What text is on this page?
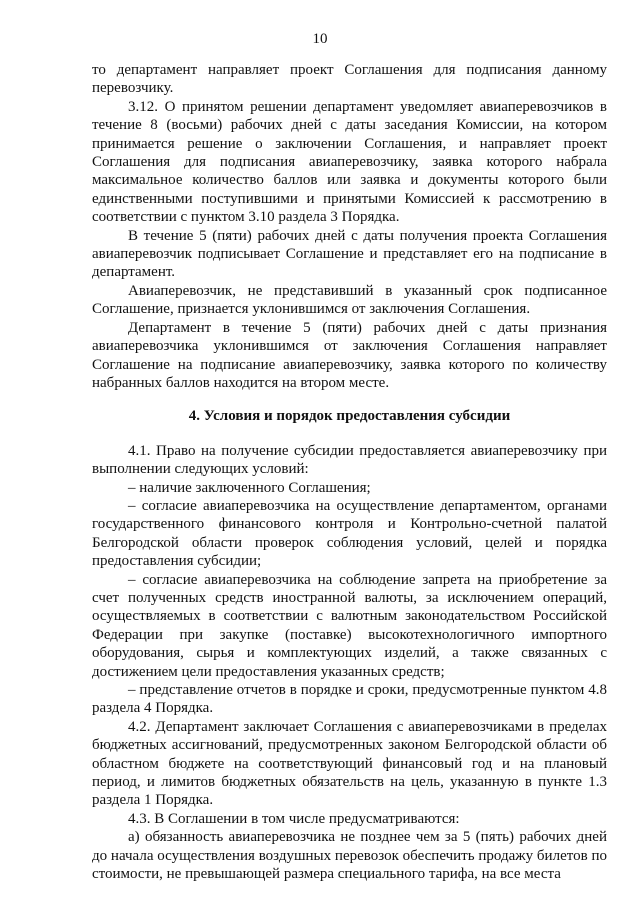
10

то департамент направляет проект Соглашения для подписания данному перевозчику.

3.12. О принятом решении департамент уведомляет авиаперевозчиков в течение 8 (восьми) рабочих дней с даты заседания Комиссии, на котором принимается решение о заключении Соглашения, и направляет проект Соглашения для подписания авиаперевозчику, заявка которого набрала максимальное количество баллов или заявка и документы которого были единственными поступившими и принятыми Комиссией к рассмотрению в соответствии с пунктом 3.10 раздела 3 Порядка.

В течение 5 (пяти) рабочих дней с даты получения проекта Соглашения авиаперевозчик подписывает Соглашение и представляет его на подписание в департамент.

Авиаперевозчик, не представивший в указанный срок подписанное Соглашение, признается уклонившимся от заключения Соглашения.

Департамент в течение 5 (пяти) рабочих дней с даты признания авиаперевозчика уклонившимся от заключения Соглашения направляет Соглашение на подписание авиаперевозчику, заявка которого по количеству набранных баллов находится на втором месте.

4. Условия и порядок предоставления субсидии

4.1. Право на получение субсидии предоставляется авиаперевозчику при выполнении следующих условий:

– наличие заключенного Соглашения;

– согласие авиаперевозчика на осуществление департаментом, органами государственного финансового контроля и Контрольно-счетной палатой Белгородской области проверок соблюдения условий, целей и порядка предоставления субсидии;

– согласие авиаперевозчика на соблюдение запрета на приобретение за счет полученных средств иностранной валюты, за исключением операций, осуществляемых в соответствии с валютным законодательством Российской Федерации при закупке (поставке) высокотехнологичного импортного оборудования, сырья и комплектующих изделий, а также связанных с достижением цели предоставления указанных средств;

– представление отчетов в порядке и сроки, предусмотренные пунктом 4.8 раздела 4 Порядка.

4.2. Департамент заключает Соглашения с авиаперевозчиками в пределах бюджетных ассигнований, предусмотренных законом Белгородской области об областном бюджете на соответствующий финансовый год и на плановый период, и лимитов бюджетных обязательств на цель, указанную в пункте 1.3 раздела 1 Порядка.

4.3. В Соглашении в том числе предусматриваются:

а) обязанность авиаперевозчика не позднее чем за 5 (пять) рабочих дней до начала осуществления воздушных перевозок обеспечить продажу билетов по стоимости, не превышающей размера специального тарифа, на все места
